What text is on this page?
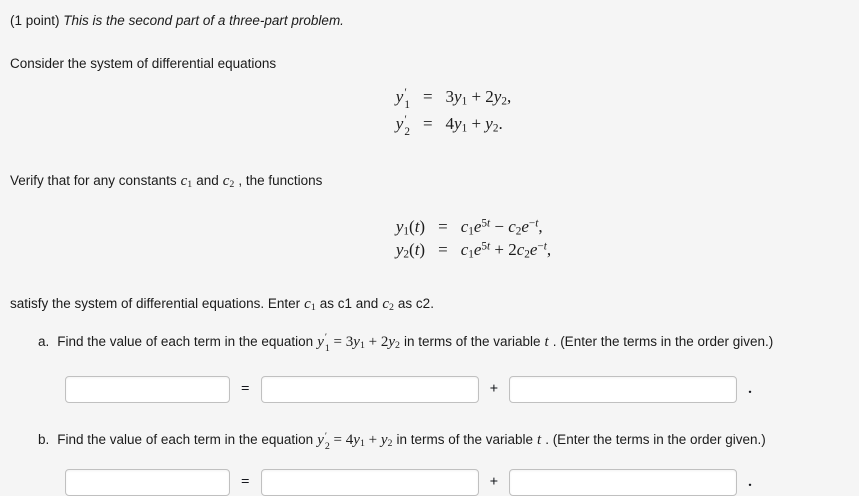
(1 point) This is the second part of a three-part problem.

Consider the system of differential equations

y ′
1	=	3y1 + 2y2,
y ′
2	=	4y1 + y2.

Verify that for any constants c1 and c2 , the functions

y1(t)	=	$c1e^{5t} - c2e^{-t}$,
y2(t)	=	$c1e^{5t} + 2c2e^{-t}$,

satisfy the system of differential equations. Enter c1 as c1 and c2 as c2.

a. Find the value of each term in the equation y ′
1 = 3y1 + 2y2 in terms of the variable t . (Enter the terms in the order given.)

=	+	.

b. Find the value of each term in the equation y ′
2 = 4y1 + y2 in terms of the variable t . (Enter the terms in the order given.)

=	+	.
